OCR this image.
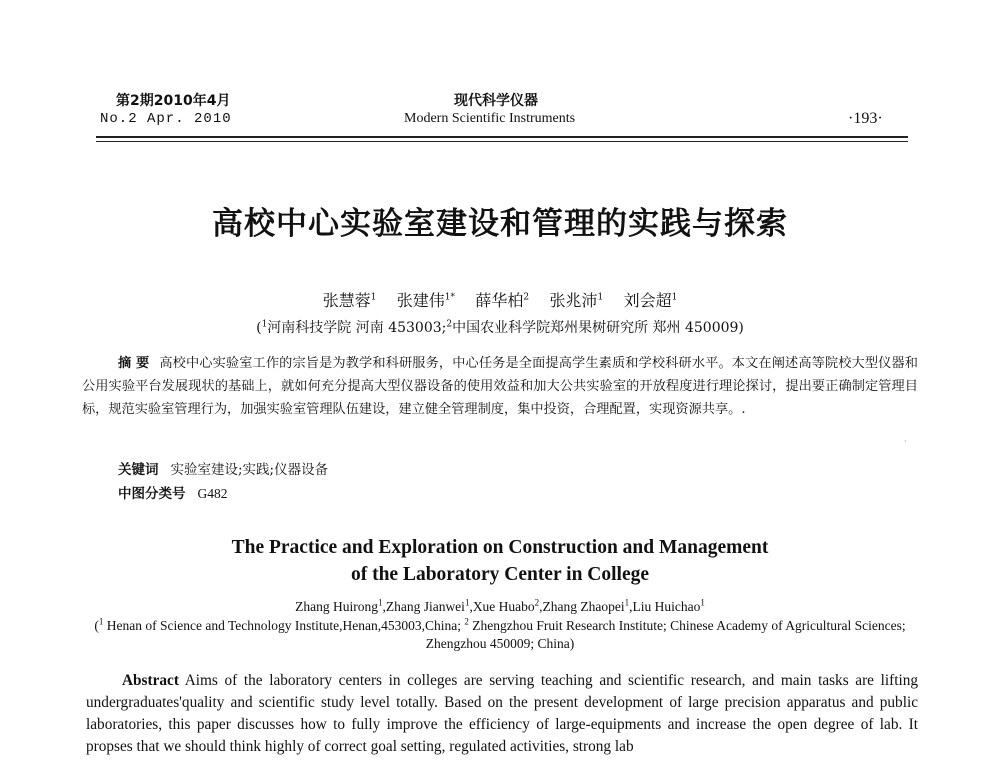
第2期2010年4月
No.2 Apr. 2010
现代科学仪器
Modern Scientific Instruments	·193·
高校中心实验室建设和管理的实践与探索
张慧蓉$^1$ 张建伟$^{1*}$ 薛华柏$^2$ 张兆沛$^1$ 刘会超$^1$
($^1$河南科技学院 河南 453003;$^2$中国农业科学院郑州果树研究所 郑州 450009)
摘 要 高校中心实验室工作的宗旨是为教学和科研服务，中心任务是全面提高学生素质和学校科研水平。本文在阐述高等院校大型仪器和公用实验平台发展现状的基础上，就如何充分提高大型仪器设备的使用效益和加大公共实验室的开放程度进行理论探讨，提出要正确制定管理目标，规范实验室管理行为，加强实验室管理队伍建设，建立健全管理制度，集中投资，合理配置，实现资源共享。.
·
关键词 实验室建设;实践;仪器设备
中图分类号 G482
The Practice and Exploration on Construction and Management
of the Laboratory Center in College
Zhang Huirong$^1$,Zhang Jianwei$^1$,Xue Huabo$^2$,Zhang Zhaopei$^1$,Liu Huichao$^1$
($^1$ Henan of Science and Technology Institute,Henan,453003,China; $^2$ Zhengzhou Fruit Research Institute; Chinese Academy of Agricultural Sciences; Zhengzhou 450009; China)
Abstract Aims of the laboratory centers in colleges are serving teaching and scientific research, and main tasks are lifting undergraduates'quality and scientific study level totally. Based on the present development of large precision apparatus and public laboratories, this paper discusses how to fully improve the efficiency of large-equipments and increase the open degree of lab. It propses that we should think highly of correct goal setting, regulated activities, strong lab
